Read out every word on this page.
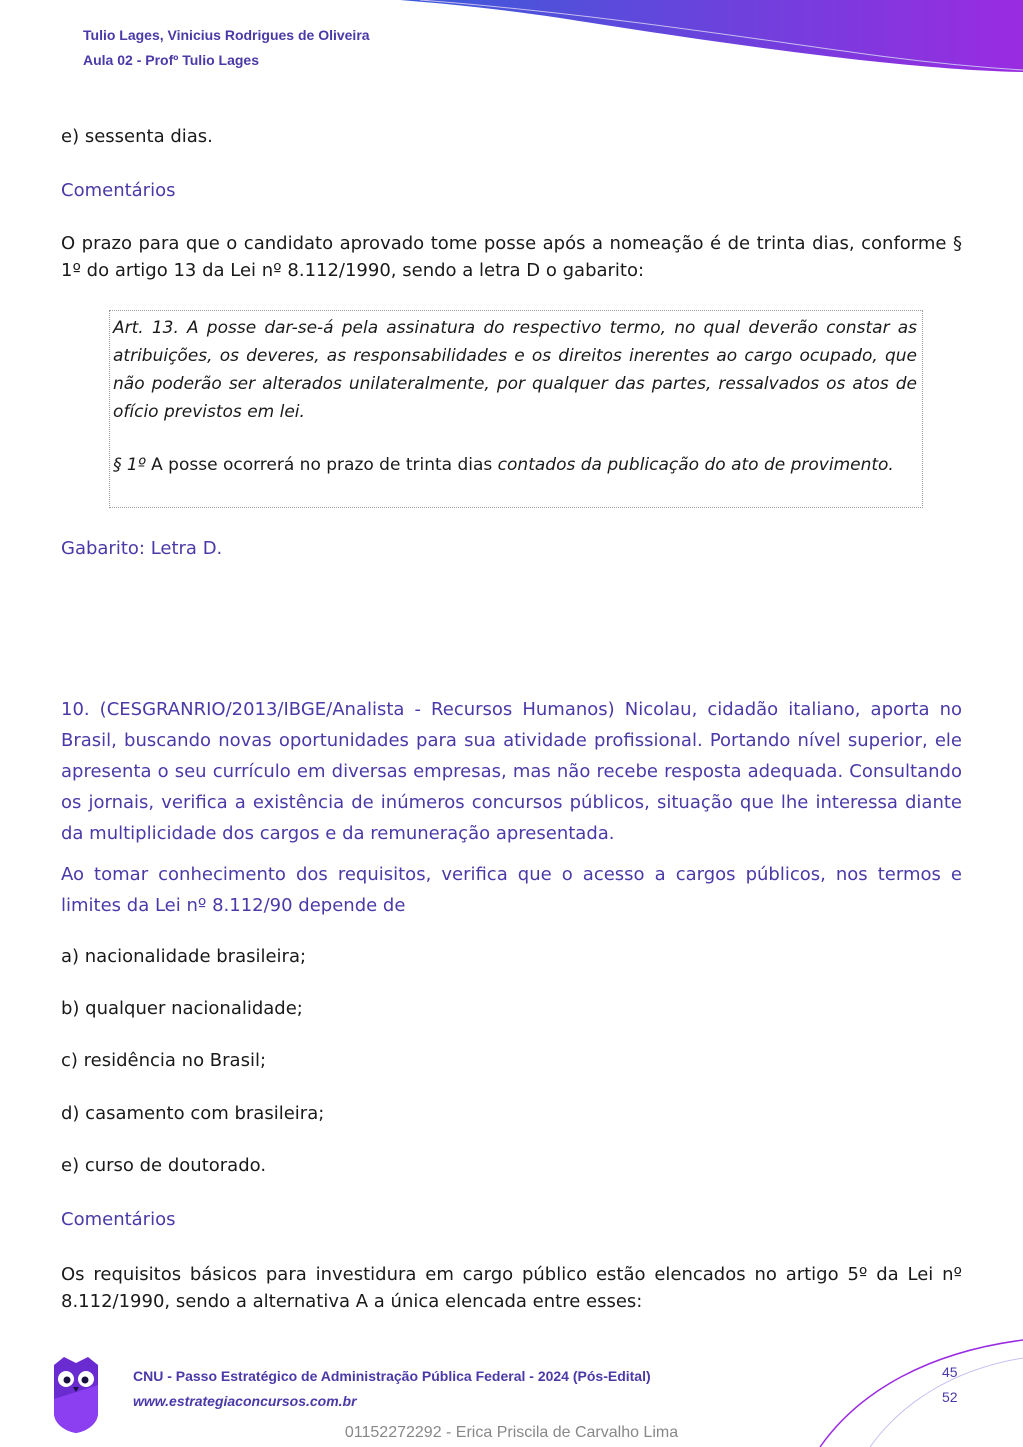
Tulio Lages, Vinicius Rodrigues de Oliveira
Aula 02 - Profº Tulio Lages
e) sessenta dias.
Comentários
O prazo para que o candidato aprovado tome posse após a nomeação é de trinta dias, conforme § 1º do artigo 13 da Lei nº 8.112/1990, sendo a letra D o gabarito:
Art. 13. A posse dar-se-á pela assinatura do respectivo termo, no qual deverão constar as atribuições, os deveres, as responsabilidades e os direitos inerentes ao cargo ocupado, que não poderão ser alterados unilateralmente, por qualquer das partes, ressalvados os atos de ofício previstos em lei.
§ 1º A posse ocorrerá no prazo de trinta dias contados da publicação do ato de provimento.
Gabarito: Letra D.
10. (CESGRANRIO/2013/IBGE/Analista - Recursos Humanos) Nicolau, cidadão italiano, aporta no Brasil, buscando novas oportunidades para sua atividade profissional. Portando nível superior, ele apresenta o seu currículo em diversas empresas, mas não recebe resposta adequada. Consultando os jornais, verifica a existência de inúmeros concursos públicos, situação que lhe interessa diante da multiplicidade dos cargos e da remuneração apresentada.
Ao tomar conhecimento dos requisitos, verifica que o acesso a cargos públicos, nos termos e limites da Lei nº 8.112/90 depende de
a) nacionalidade brasileira;
b) qualquer nacionalidade;
c) residência no Brasil;
d) casamento com brasileira;
e) curso de doutorado.
Comentários
Os requisitos básicos para investidura em cargo público estão elencados no artigo 5º da Lei nº 8.112/1990, sendo a alternativa A a única elencada entre esses:
CNU - Passo Estratégico de Administração Pública Federal - 2024 (Pós-Edital)
www.estrategiaconcursos.com.br
45
52
01152272292 - Erica Priscila de Carvalho Lima
